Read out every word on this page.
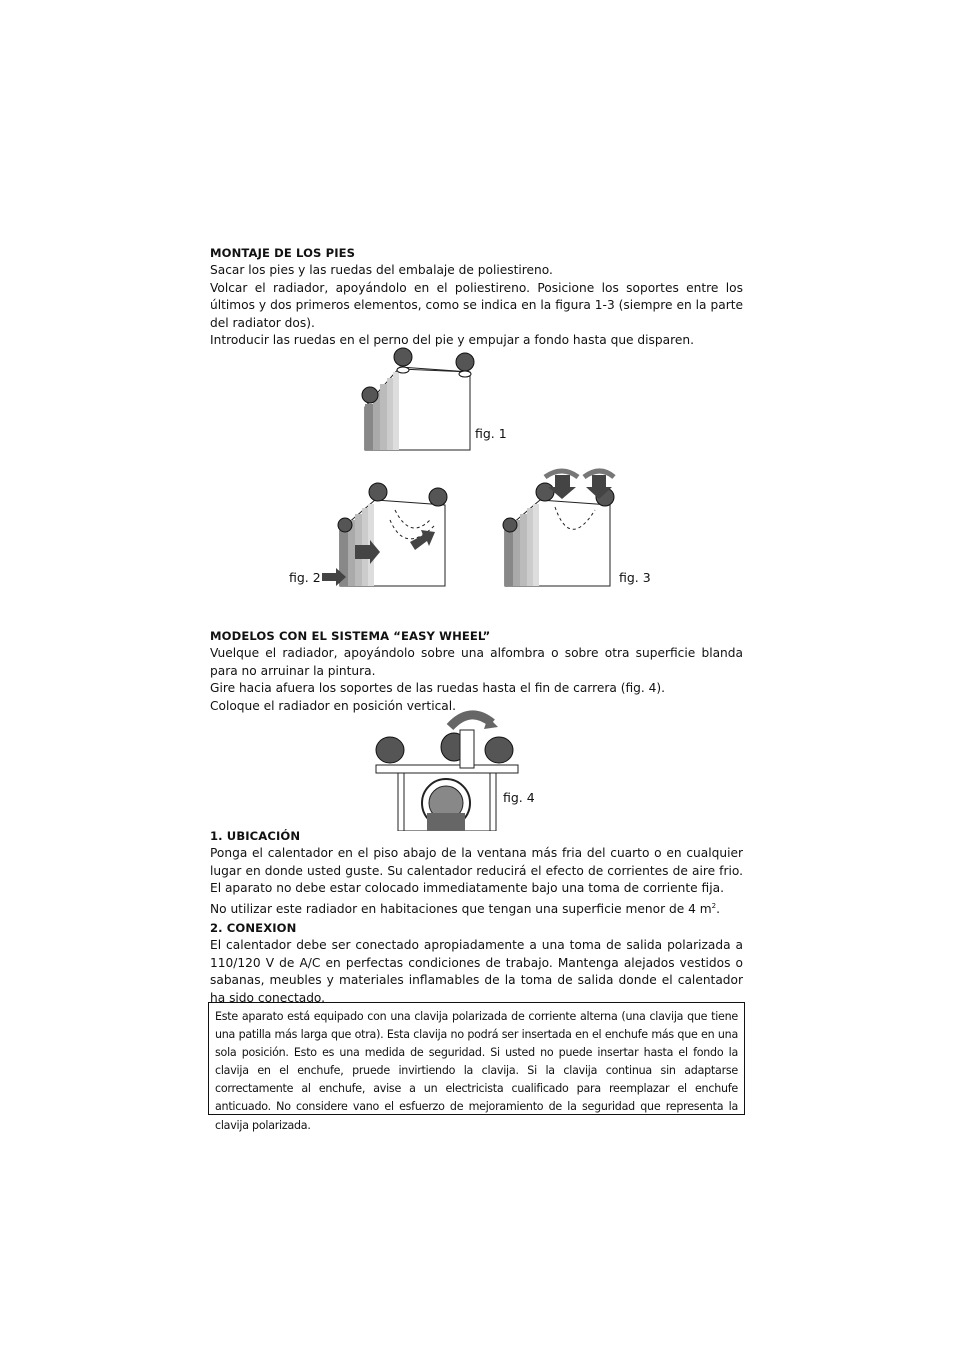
MONTAJE DE LOS PIES
Sacar los pies y las ruedas del embalaje de poliestireno.
Volcar el radiador, apoyándolo en el poliestireno. Posicione los soportes entre los últimos y dos primeros elementos, como se indica en la figura 1-3 (siempre en la parte del radiator dos).
Introducir las ruedas en el perno del pie y empujar a fondo hasta que disparen.
fig. 1
fig. 2	fig. 3
MODELOS CON EL SISTEMA “EASY WHEEL”
Vuelque el radiador, apoyándolo sobre una alfombra o sobre otra superficie blanda para no arruinar la pintura.
Gire hacia afuera los soportes de las ruedas hasta el fin de carrera (fig. 4).
Coloque el radiador en posición vertical.
fig. 4
1. UBICACIÓN
Ponga el calentador en el piso abajo de la ventana más fria del cuarto o en cualquier lugar en donde usted guste. Su calentador reducirá el efecto de corrientes de aire frio. El aparato no debe estar colocado immediatamente bajo una toma de corriente fija.
No utilizar este radiador en habitaciones que tengan una superficie menor de 4 $m^2$.
2. CONEXION
El calentador debe ser conectado apropiadamente a una toma de salida polarizada a 110/120 V de A/C en perfectas condiciones de trabajo. Mantenga alejados vestidos o sabanas, meubles y materiales inflamables de la toma de salida donde el calentador ha sido conectado.
Este aparato está equipado con una clavija polarizada de corriente alterna (una clavija que tiene una patilla más larga que otra). Esta clavija no podrá ser insertada en el enchufe más que en una sola posición. Esto es una medida de seguridad. Si usted no puede insertar hasta el fondo la clavija en el enchufe, pruede invirtiendo la clavija. Si la clavija continua sin adaptarse correctamente al enchufe, avise a un electricista cualificado para reemplazar el enchufe anticuado. No considere vano el esfuerzo de mejoramiento de la seguridad que representa la clavija polarizada.
